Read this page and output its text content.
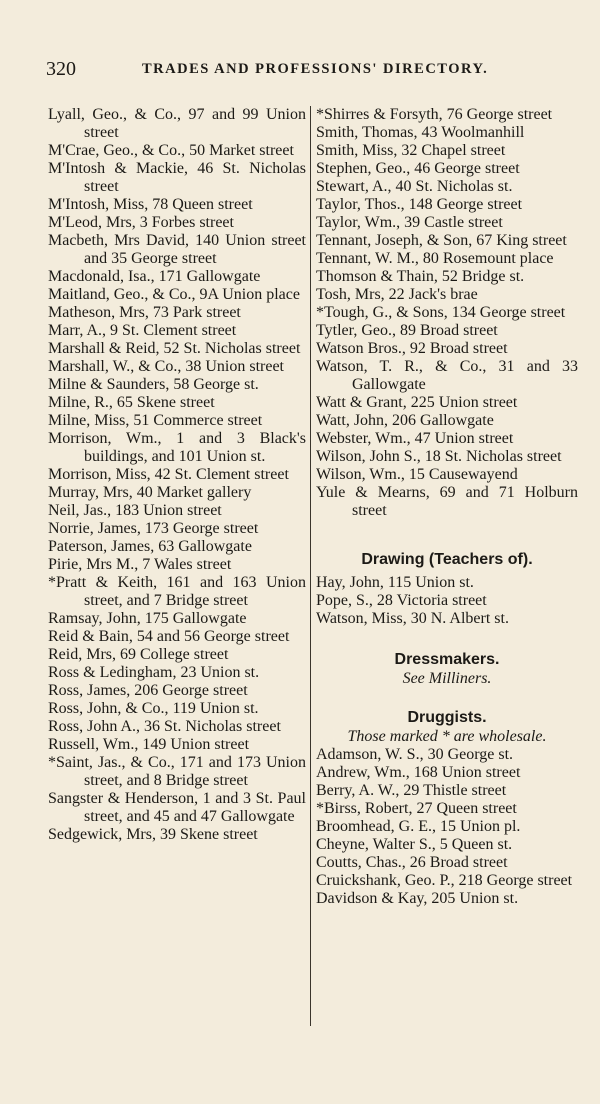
320	TRADES AND PROFESSIONS' DIRECTORY.
Lyall, Geo., & Co., 97 and 99 Union street
M'Crae, Geo., & Co., 50 Market street
M'Intosh & Mackie, 46 St. Nicholas street
M'Intosh, Miss, 78 Queen street
M'Leod, Mrs, 3 Forbes street
Macbeth, Mrs David, 140 Union street and 35 George street
Macdonald, Isa., 171 Gallowgate
Maitland, Geo., & Co., 9A Union place
Matheson, Mrs, 73 Park street
Marr, A., 9 St. Clement street
Marshall & Reid, 52 St. Nicholas street
Marshall, W., & Co., 38 Union street
Milne & Saunders, 58 George st.
Milne, R., 65 Skene street
Milne, Miss, 51 Commerce street
Morrison, Wm., 1 and 3 Black's buildings, and 101 Union st.
Morrison, Miss, 42 St. Clement street
Murray, Mrs, 40 Market gallery
Neil, Jas., 183 Union street
Norrie, James, 173 George street
Paterson, James, 63 Gallowgate
Pirie, Mrs M., 7 Wales street
*Pratt & Keith, 161 and 163 Union street, and 7 Bridge street
Ramsay, John, 175 Gallowgate
Reid & Bain, 54 and 56 George street
Reid, Mrs, 69 College street
Ross & Ledingham, 23 Union st.
Ross, James, 206 George street
Ross, John, & Co., 119 Union st.
Ross, John A., 36 St. Nicholas street
Russell, Wm., 149 Union street
*Saint, Jas., & Co., 171 and 173 Union street, and 8 Bridge street
Sangster & Henderson, 1 and 3 St. Paul street, and 45 and 47 Gallowgate
Sedgewick, Mrs, 39 Skene street
*Shirres & Forsyth, 76 George street
Smith, Thomas, 43 Woolmanhill
Smith, Miss, 32 Chapel street
Stephen, Geo., 46 George street
Stewart, A., 40 St. Nicholas st.
Taylor, Thos., 148 George street
Taylor, Wm., 39 Castle street
Tennant, Joseph, & Son, 67 King street
Tennant, W. M., 80 Rosemount place
Thomson & Thain, 52 Bridge st.
Tosh, Mrs, 22 Jack's brae
*Tough, G., & Sons, 134 George street
Tytler, Geo., 89 Broad street
Watson Bros., 92 Broad street
Watson, T. R., & Co., 31 and 33 Gallowgate
Watt & Grant, 225 Union street
Watt, John, 206 Gallowgate
Webster, Wm., 47 Union street
Wilson, John S., 18 St. Nicholas street
Wilson, Wm., 15 Causewayend
Yule & Mearns, 69 and 71 Holburn street
Drawing (Teachers of).
Hay, John, 115 Union st.
Pope, S., 28 Victoria street
Watson, Miss, 30 N. Albert st.
Dressmakers.
See Milliners.
Druggists.
Those marked * are wholesale.
Adamson, W. S., 30 George st.
Andrew, Wm., 168 Union street
Berry, A. W., 29 Thistle street
*Birss, Robert, 27 Queen street
Broomhead, G. E., 15 Union pl.
Cheyne, Walter S., 5 Queen st.
Coutts, Chas., 26 Broad street
Cruickshank, Geo. P., 218 George street
Davidson & Kay, 205 Union st.
